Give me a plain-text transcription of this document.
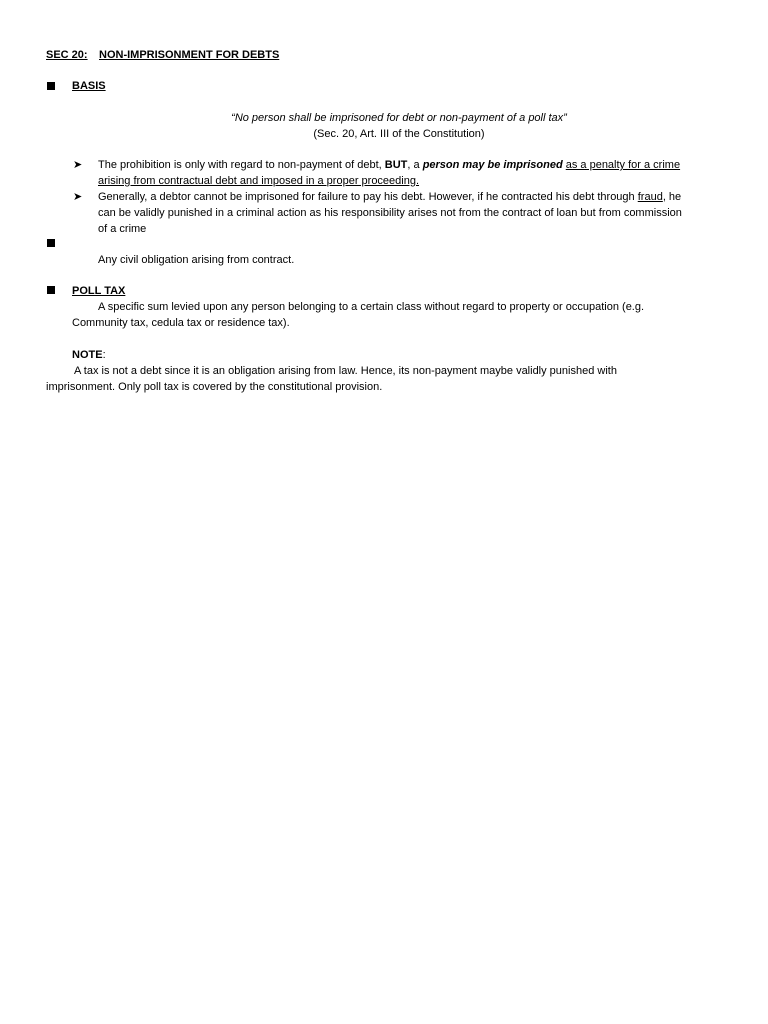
SEC 20: NON-IMPRISONMENT FOR DEBTS
BASIS
“No person shall be imprisoned for debt or non-payment of a poll tax”
(Sec. 20, Art. III of the Constitution)
➤ The prohibition is only with regard to non-payment of debt, BUT, a person may be imprisoned as a penalty for a crime
arising from contractual debt and imposed in a proper proceeding.
➤ Generally, a debtor cannot be imprisoned for failure to pay his debt. However, if he contracted his debt through fraud, he
can be validly punished in a criminal action as his responsibility arises not from the contract of loan but from commission
of a crime
Any civil obligation arising from contract.
POLL TAX
A specific sum levied upon any person belonging to a certain class without regard to property or occupation (e.g.
Community tax, cedula tax or residence tax).
NOTE:
A tax is not a debt since it is an obligation arising from law. Hence, its non-payment maybe validly punished with
imprisonment. Only poll tax is covered by the constitutional provision.
